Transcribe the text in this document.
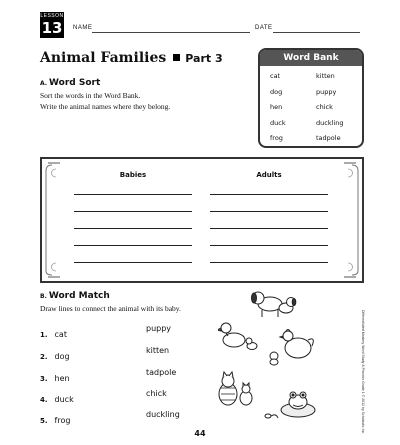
LESSON
13 NAME	DATE
Animal Families Part 3
A. Word Sort
Sort the words in the Word Bank.
Write the animal names where they belong.
Word Bank
cat	kitten
dog	puppy
hen	chick
duck	duckling
frog	tadpole
Babies	Adults
B. Word Match
Draw lines to connect the animal with its baby.
1. cat
puppy
2. dog
kitten
3. hen
tadpole
4. duck
chick
5. frog
duckling
44	Differentiated Mastery Word Study & Phonics Grade 1 © 2012 by Scholastic Inc.
